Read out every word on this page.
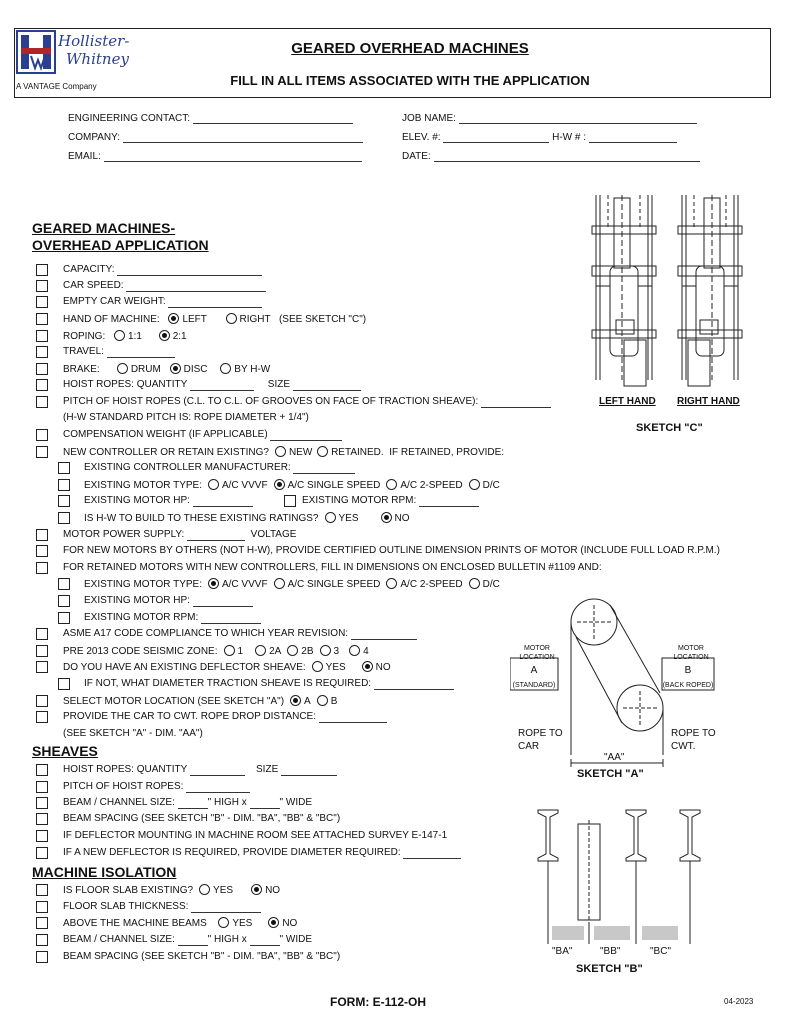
Hollister-
Whitney
A VANTAGE Company
GEARED OVERHEAD MACHINES
FILL IN ALL ITEMS ASSOCIATED WITH THE APPLICATION
ENGINEERING CONTACT:
COMPANY:
EMAIL:
JOB NAME:
ELEV. #:	H-W # :
DATE:
GEARED MACHINES-
OVERHEAD APPLICATION
CAPACITY:
CAR SPEED:
EMPTY CAR WEIGHT:
HAND OF MACHINE: LEFT	RIGHT (SEE SKETCH "C")
ROPING: 1:1	2:1
TRAVEL:
BRAKE:	DRUM DISC	BY H-W
HOIST ROPES: QUANTITY	SIZE
PITCH OF HOIST ROPES (C.L. TO C.L. OF GROOVES ON FACE OF TRACTION SHEAVE):
(H-W STANDARD PITCH IS: ROPE DIAMETER + 1/4")
COMPENSATION WEIGHT (IF APPLICABLE)
NEW CONTROLLER OR RETAIN EXISTING? NEW RETAINED. IF RETAINED, PROVIDE:
EXISTING CONTROLLER MANUFACTURER:
EXISTING MOTOR TYPE: A/C VVVF A/C SINGLE SPEED A/C 2-SPEED D/C
EXISTING MOTOR HP:	EXISTING MOTOR RPM:
IS H-W TO BUILD TO THESE EXISTING RATINGS? YES	NO
MOTOR POWER SUPPLY:	VOLTAGE
FOR NEW MOTORS BY OTHERS (NOT H-W), PROVIDE CERTIFIED OUTLINE DIMENSION PRINTS OF MOTOR (INCLUDE FULL LOAD R.P.M.)
FOR RETAINED MOTORS WITH NEW CONTROLLERS, FILL IN DIMENSIONS ON ENCLOSED BULLETIN #1109 AND:
EXISTING MOTOR TYPE: A/C VVVF A/C SINGLE SPEED A/C 2-SPEED D/C
EXISTING MOTOR HP:
EXISTING MOTOR RPM:
ASME A17 CODE COMPLIANCE TO WHICH YEAR REVISION:
PRE 2013 CODE SEISMIC ZONE: 1	2A 2B 3 4
DO YOU HAVE AN EXISTING DEFLECTOR SHEAVE: YES	NO
IF NOT, WHAT DIAMETER TRACTION SHEAVE IS REQUIRED:
SELECT MOTOR LOCATION (SEE SKETCH "A") A B
PROVIDE THE CAR TO CWT. ROPE DROP DISTANCE:
(SEE SKETCH "A" - DIM. "AA")
SHEAVES
HOIST ROPES: QUANTITY	SIZE
PITCH OF HOIST ROPES:
BEAM / CHANNEL SIZE:	" HIGH x	" WIDE
BEAM SPACING (SEE SKETCH "B" - DIM. "BA", "BB" & "BC")
IF DEFLECTOR MOUNTING IN MACHINE ROOM SEE ATTACHED SURVEY E-147-1
IF A NEW DEFLECTOR IS REQUIRED, PROVIDE DIAMETER REQUIRED:
MACHINE ISOLATION
IS FLOOR SLAB EXISTING? YES	NO
FLOOR SLAB THICKNESS:
ABOVE THE MACHINE BEAMS	YES	NO
BEAM / CHANNEL SIZE:	" HIGH x	" WIDE
BEAM SPACING (SEE SKETCH "B" - DIM. "BA", "BB" & "BC")
LEFT HAND RIGHT HAND
SKETCH "C"
MOTOR
LOCATION
A
(STANDARD)
MOTOR
LOCATION
B
(BACK ROPED)
ROPE TO
CAR
ROPE TO
CWT.
"AA"
SKETCH "A"
"BA"	"BB"	"BC"
SKETCH "B"
FORM: E-112-OH	04-2023
